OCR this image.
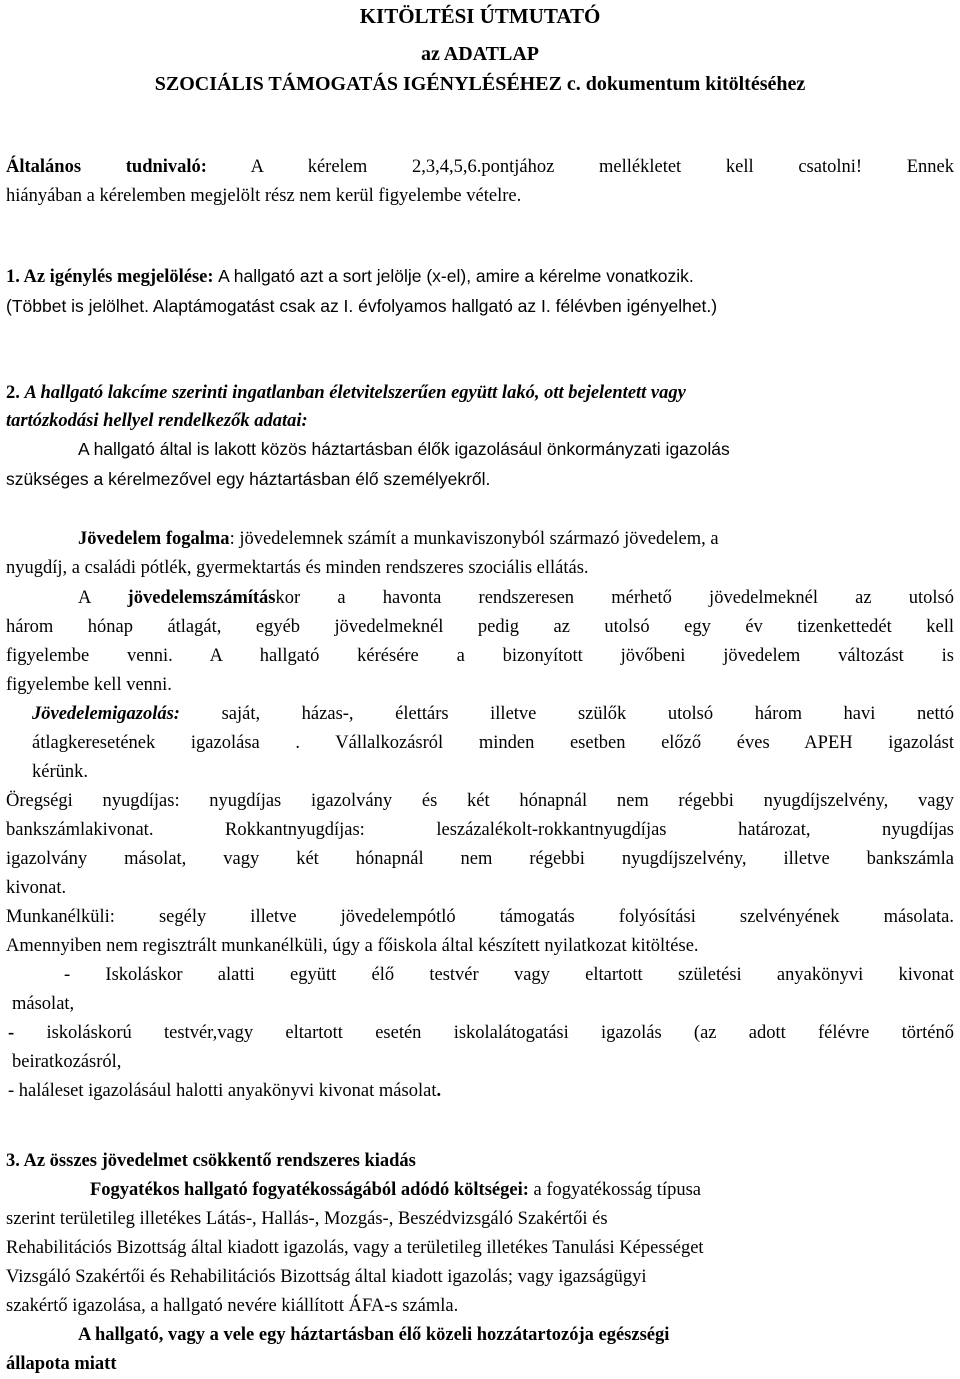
KITÖLTÉSI ÚTMUTATÓ
az ADATLAP
SZOCIÁLIS TÁMOGATÁS IGÉNYLÉSÉHEZ c. dokumentum kitöltéséhez
Általános tudnivaló: A kérelem 2,3,4,5,6.pontjához mellékletet kell csatolni! Ennek
hiányában a kérelemben megjelölt rész nem kerül figyelembe vételre.
1. Az igénylés megjelölése: A hallgató azt a sort jelölje (x-el), amire a kérelme vonatkozik.
(Többet is jelölhet. Alaptámogatást csak az I. évfolyamos hallgató az I. félévben igényelhet.)
2. A hallgató lakcíme szerinti ingatlanban életvitelszerűen együtt lakó, ott bejelentett vagy
tartózkodási hellyel rendelkezők adatai:
A hallgató által is lakott közös háztartásban élők igazolásául önkormányzati igazolás
szükséges a kérelmezővel egy háztartásban élő személyekről.
Jövedelem fogalma: jövedelemnek számít a munkaviszonyból származó jövedelem, a
nyugdíj, a családi pótlék, gyermektartás és minden rendszeres szociális ellátás.
A jövedelemszámításkor a havonta rendszeresen mérhető jövedelmeknél az utolsó
három hónap átlagát, egyéb jövedelmeknél pedig az utolsó egy év tizenkettedét kell
figyelembe venni. A hallgató kérésére a bizonyított jövőbeni jövedelem változást is
figyelembe kell venni.
Jövedelemigazolás: saját, házas-, élettárs illetve szülők utolsó három havi nettó
átlagkeresetének igazolása . Vállalkozásról minden esetben előző éves APEH igazolást
kérünk.
Öregségi nyugdíjas: nyugdíjas igazolvány és két hónapnál nem régebbi nyugdíjszelvény, vagy
bankszámlakivonat. Rokkantnyugdíjas: leszázalékolt-rokkantnyugdíjas határozat, nyugdíjas
igazolvány másolat, vagy két hónapnál nem régebbi nyugdíjszelvény, illetve bankszámla
kivonat.
Munkanélküli: segély illetve jövedelempótló támogatás folyósítási szelvényének másolata.
Amennyiben nem regisztrált munkanélküli, úgy a főiskola által készített nyilatkozat kitöltése.
- Iskoláskor alatti együtt élő testvér vagy eltartott születési anyakönyvi kivonat
másolat,
- iskoláskorú testvér,vagy eltartott esetén iskolalátogatási igazolás (az adott félévre történő
beiratkozásról,
- haláleset igazolásául halotti anyakönyvi kivonat másolat.
3. Az összes jövedelmet csökkentő rendszeres kiadás
Fogyatékos hallgató fogyatékosságából adódó költségei: a fogyatékosság típusa
szerint területileg illetékes Látás-, Hallás-, Mozgás-, Beszédvizsgáló Szakértői és
Rehabilitációs Bizottság által kiadott igazolás, vagy a területileg illetékes Tanulási Képességet
Vizsgáló Szakértői és Rehabilitációs Bizottság által kiadott igazolás; vagy igazságügyi
szakértő igazolása, a hallgató nevére kiállított ÁFA-s számla.
A hallgató, vagy a vele egy háztartásban élő közeli hozzátartozója egészségi
állapota miatt
